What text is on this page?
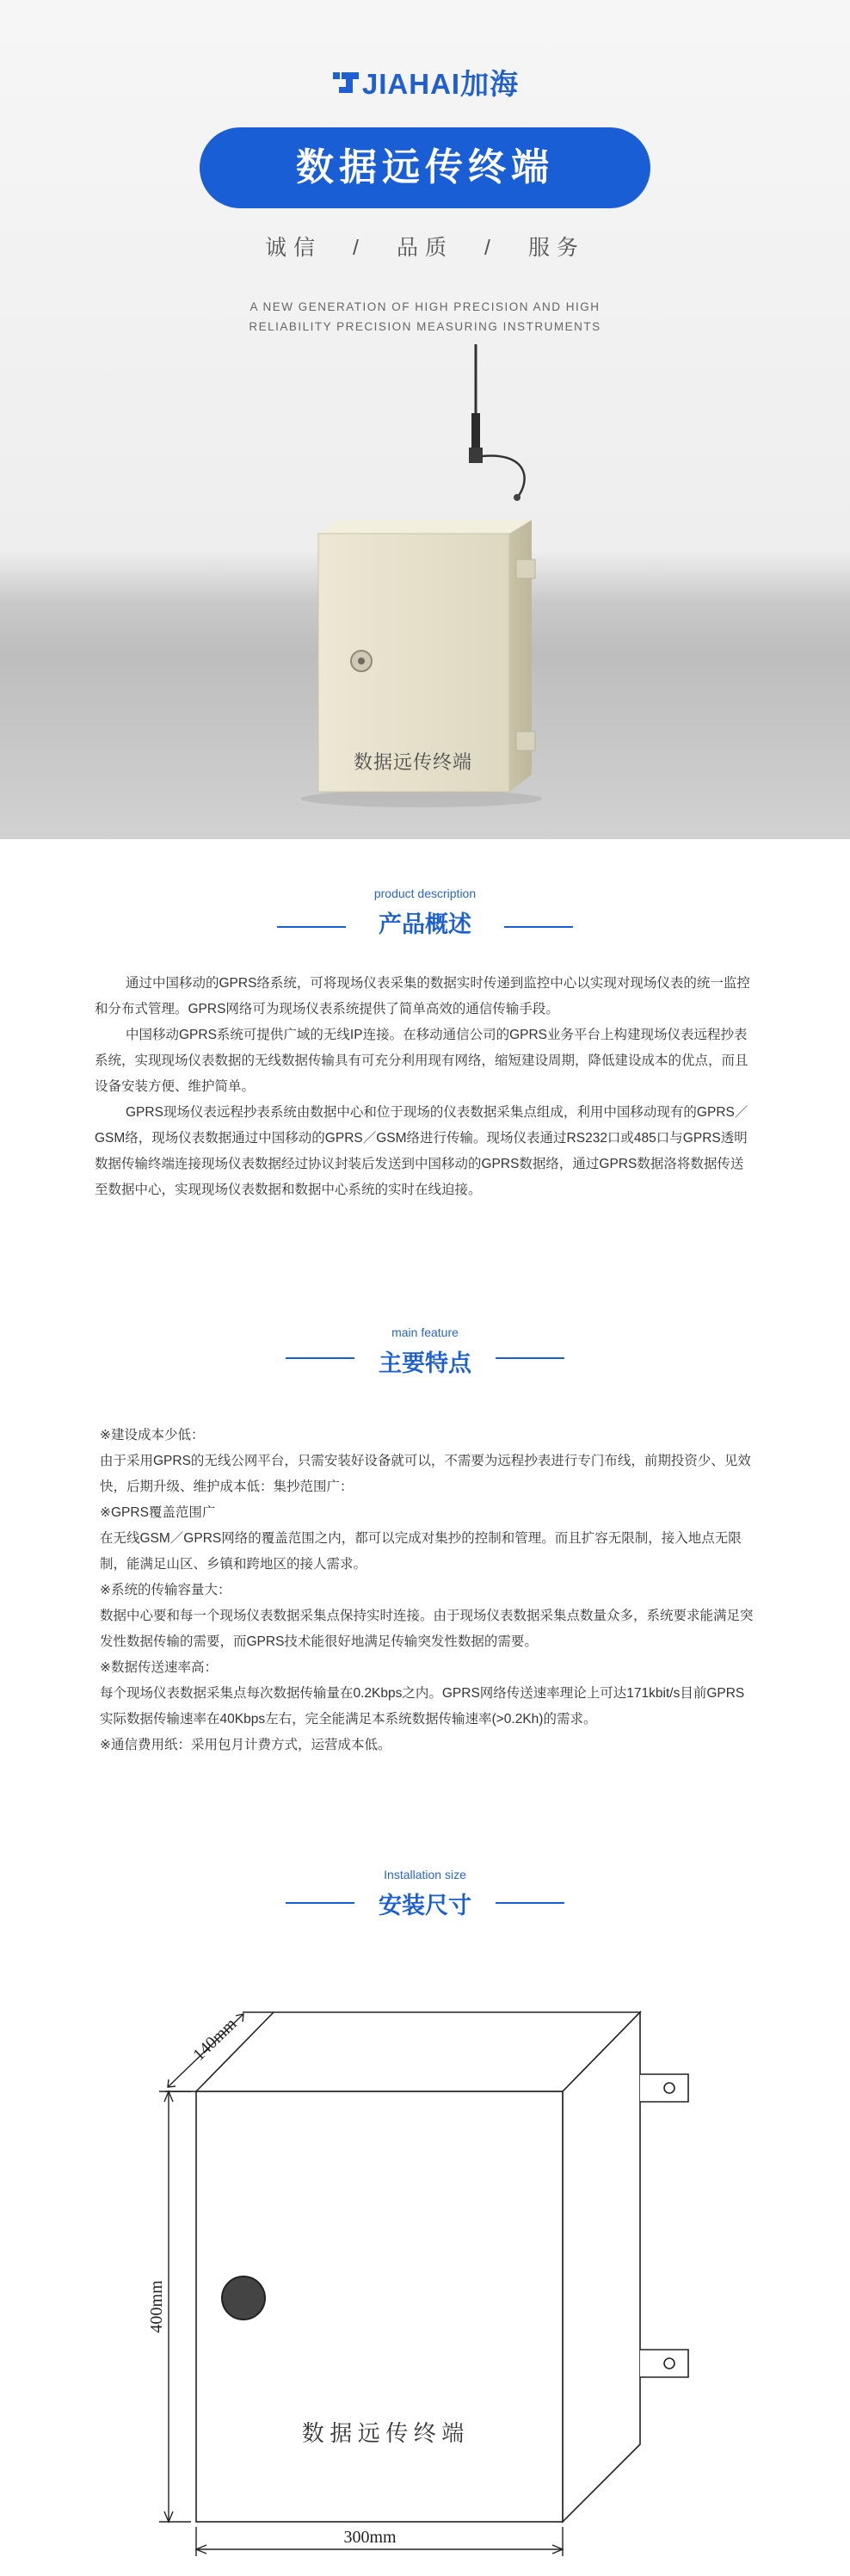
JIAHAI加海
数据远传终端
诚信 / 品质 / 服务
A NEW GENERATION OF HIGH PRECISION AND HIGH RELIABILITY PRECISION MEASURING INSTRUMENTS
数据远传终端
product description
产品概述

通过中国移动的GPRS络系统，可将现场仪表采集的数据实时传递到监控中心以实现对现场仪表的统一监控和分布式管理。GPRS网络可为现场仪表系统提供了简单高效的通信传输手段。

中国移动GPRS系统可提供广域的无线IP连接。在移动通信公司的GPRS业务平台上构建现场仪表远程抄表系统，实现现场仪表数据的无线数据传输具有可充分利用现有网络，缩短建设周期，降低建设成本的优点，而且设备安装方便、维护简单。

GPRS现场仪表远程抄表系统由数据中心和位于现场的仪表数据采集点组成，利用中国移动现有的GPRS／GSM络，现场仪表数据通过中国移动的GPRS／GSM络进行传输。现场仪表通过RS232口或485口与GPRS透明数据传输终端连接现场仪表数据经过协议封装后发送到中国移动的GPRS数据络，通过GPRS数据洛将数据传送至数据中心，实现现场仪表数据和数据中心系统的实时在线迫接。

main feature
主要特点

※建设成本少低：

由于采用GPRS的无线公网平台，只需安装好设备就可以，不需要为远程抄表进行专门布线，前期投资少、见效快，后期升级、维护成本低：集抄范围广：

※GPRS覆盖范围广

在无线GSM／GPRS网络的覆盖范围之内，都可以完成对集抄的控制和管理。而且扩容无限制，接入地点无限制，能满足山区、乡镇和跨地区的接人需求。

※系统的传输容量大：

数据中心要和每一个现场仪表数据采集点保持实时连接。由于现场仪表数据采集点数量众多，系统要求能满足突发性数据传输的需要，而GPRS技术能很好地满足传输突发性数据的需要。

※数据传送速率高：

每个现场仪表数据采集点每次数据传输量在0.2Kbps之内。GPRS网络传送速率理论上可达171kbit/s目前GPRS实际数据传输速率在40Kbps左右，完全能满足本系统数据传输速率(>0.2Kh)的需求。

※通信费用纸：采用包月计费方式，运营成本低。

Installation size
安装尺寸
数 据 远 传 终 端
140mm
400mm
300mm
